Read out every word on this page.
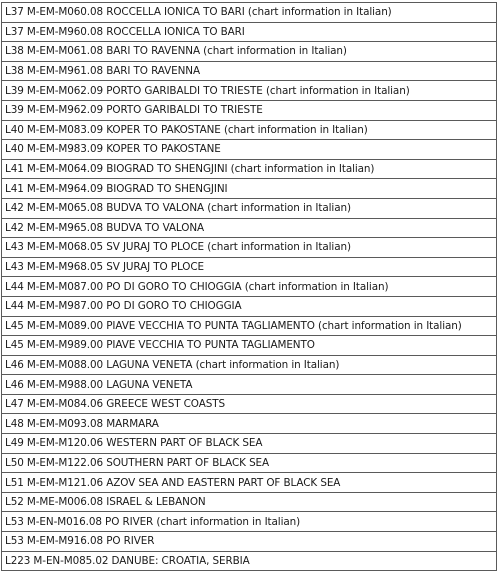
L37 M-EM-M060.08 ROCCELLA IONICA TO BARI (chart information in Italian)
L37 M-EM-M960.08 ROCCELLA IONICA TO BARI
L38 M-EM-M061.08 BARI TO RAVENNA (chart information in Italian)
L38 M-EM-M961.08 BARI TO RAVENNA
L39 M-EM-M062.09 PORTO GARIBALDI TO TRIESTE (chart information in Italian)
L39 M-EM-M962.09 PORTO GARIBALDI TO TRIESTE
L40 M-EM-M083.09 KOPER TO PAKOSTANE (chart information in Italian)
L40 M-EM-M983.09 KOPER TO PAKOSTANE
L41 M-EM-M064.09 BIOGRAD TO SHENGJINI (chart information in Italian)
L41 M-EM-M964.09 BIOGRAD TO SHENGJINI
L42 M-EM-M065.08 BUDVA TO VALONA (chart information in Italian)
L42 M-EM-M965.08 BUDVA TO VALONA
L43 M-EM-M068.05 SV JURAJ TO PLOCE (chart information in Italian)
L43 M-EM-M968.05 SV JURAJ TO PLOCE
L44 M-EM-M087.00 PO DI GORO TO CHIOGGIA (chart information in Italian)
L44 M-EM-M987.00 PO DI GORO TO CHIOGGIA
L45 M-EM-M089.00 PIAVE VECCHIA TO PUNTA TAGLIAMENTO (chart information in Italian)
L45 M-EM-M989.00 PIAVE VECCHIA TO PUNTA TAGLIAMENTO
L46 M-EM-M088.00 LAGUNA VENETA (chart information in Italian)
L46 M-EM-M988.00 LAGUNA VENETA
L47 M-EM-M084.06 GREECE WEST COASTS
L48 M-EM-M093.08 MARMARA
L49 M-EM-M120.06 WESTERN PART OF BLACK SEA
L50 M-EM-M122.06 SOUTHERN PART OF BLACK SEA
L51 M-EM-M121.06 AZOV SEA AND EASTERN PART OF BLACK SEA
L52 M-ME-M006.08 ISRAEL & LEBANON
L53 M-EN-M016.08 PO RIVER (chart information in Italian)
L53 M-EM-M916.08 PO RIVER
L223 M-EN-M085.02 DANUBE: CROATIA, SERBIA
